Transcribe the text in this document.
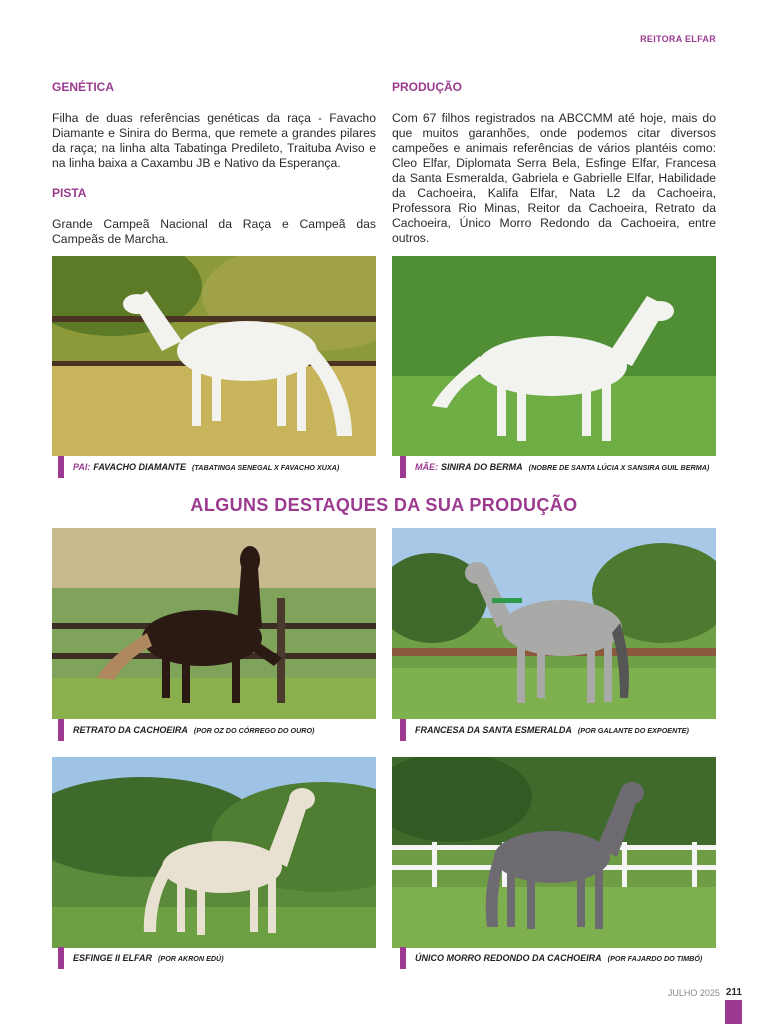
REITORA ELFAR
GENÉTICA

Filha de duas referências genéticas da raça - Favacho Diamante e Sinira do Berma, que remete a grandes pilares da raça; na linha alta Tabatinga Predileto, Traituba Aviso e na linha baixa a Caxambu JB e Nativo da Esperança.

PISTA

Grande Campeã Nacional da Raça e Campeã das Campeãs de Marcha.

PRODUÇÃO

Com 67 filhos registrados na ABCCMM até hoje, mais do que muitos garanhões, onde podemos citar diversos campeões e animais referências de vários plantéis como: Cleo Elfar, Diplomata Serra Bela, Esfinge Elfar, Francesa da Santa Esmeralda, Gabriela e Gabrielle Elfar, Habilidade da Cachoeira, Kalifa Elfar, Nata L2 da Cachoeira, Professora Rio Minas, Reitor da Cachoeira, Retrato da Cachoeira, Único Morro Redondo da Cachoeira, entre outros.

PAI: FAVACHO DIAMANTE (TABATINGA SENEGAL X FAVACHO XUXA)	MÃE: SINIRA DO BERMA (NOBRE DE SANTA LÚCIA X SANSIRA GUIL BERMA)
ALGUNS DESTAQUES DA SUA PRODUÇÃO
RETRATO DA CACHOEIRA (POR OZ DO CÓRREGO DO OURO)	FRANCESA DA SANTA ESMERALDA (POR GALANTE DO EXPOENTE)
ESFINGE II ELFAR (POR AKRON EDÚ)	ÚNICO MORRO REDONDO DA CACHOEIRA (POR FAJARDO DO TIMBÓ)
JULHO 2025 211
